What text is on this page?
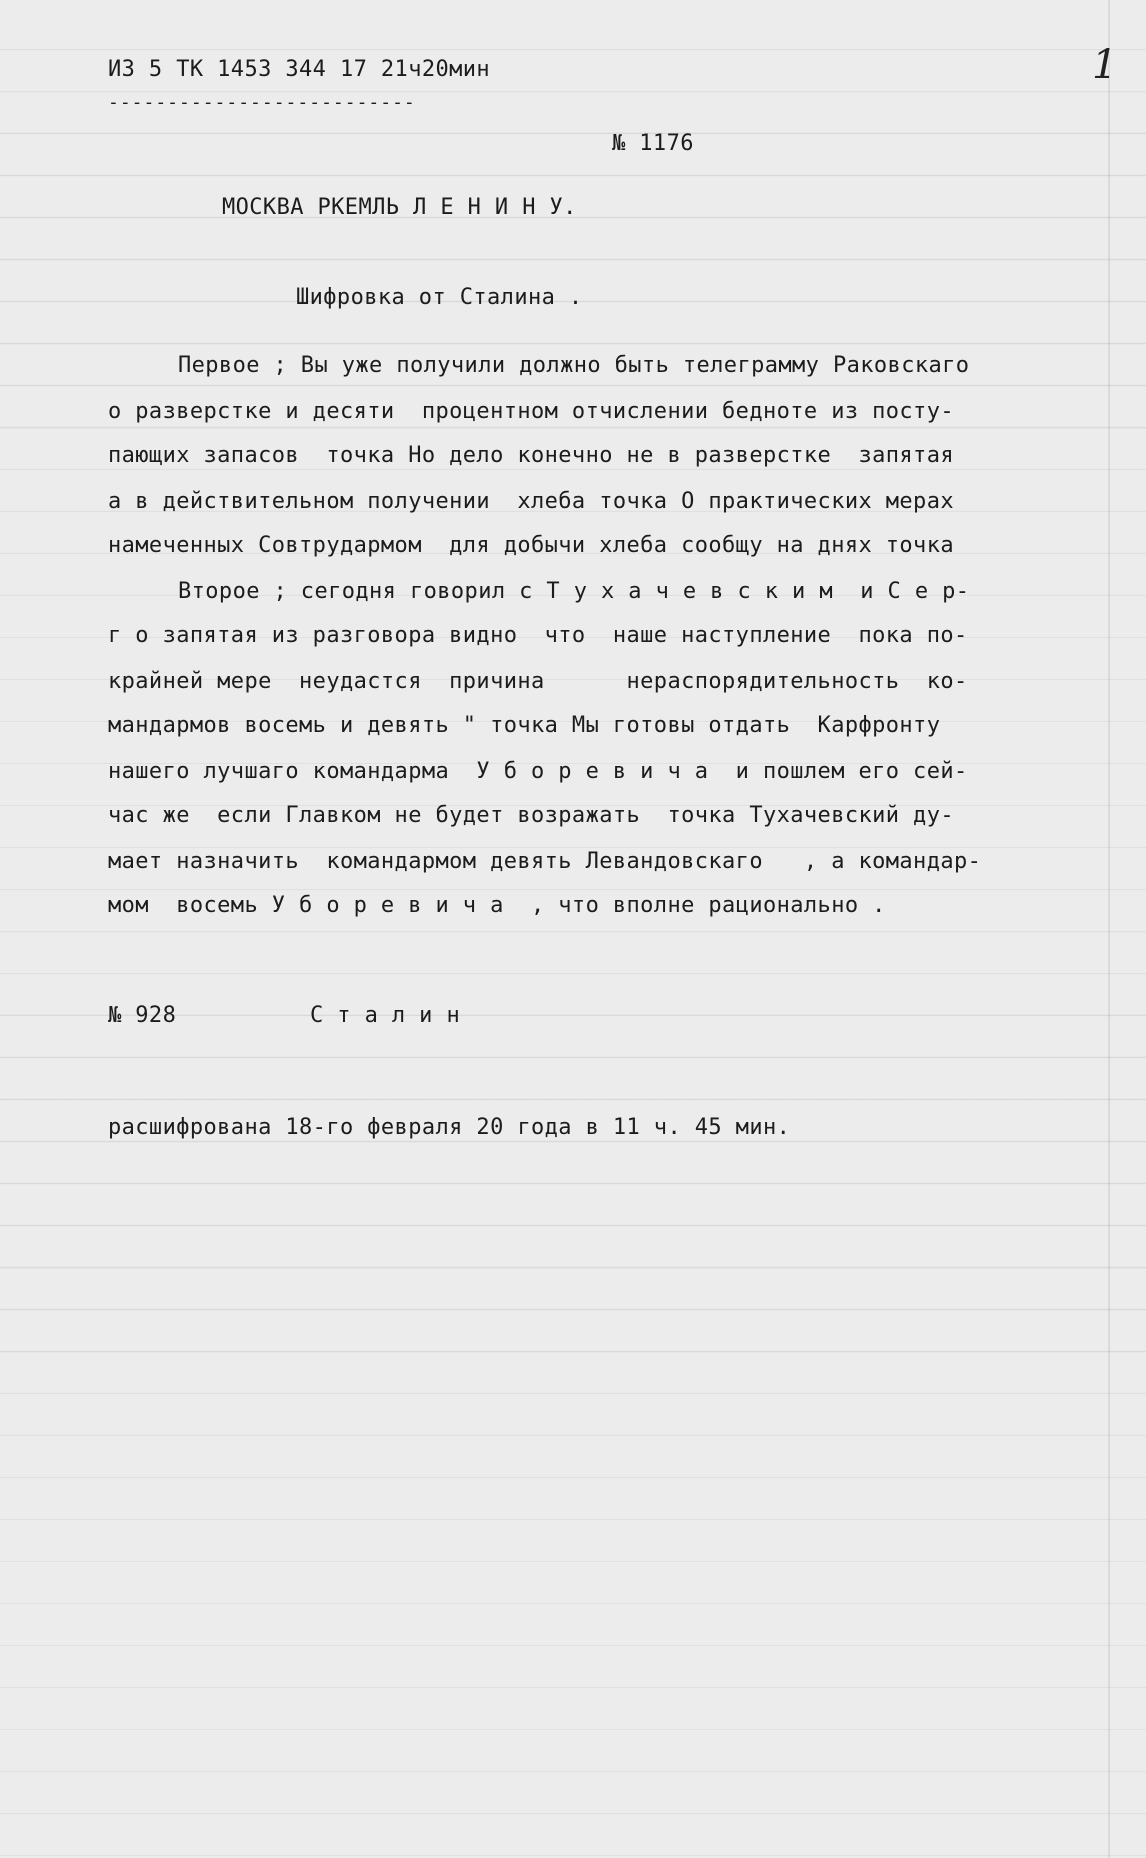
1
ИЗ 5 ТК 1453 344 17 21ч20мин
--------------------------
№ 1176
МОСКВА РКЕМЛЬ Л Е Н И Н У.
Шифровка от Сталина .
Первое ; Вы уже получили должно быть телеграмму Раковскаго
о разверстке и десяти  процентном отчислении бедноте из посту-
пающих запасов  точка Но дело конечно не в разверстке  запятая
а в действительном получении  хлеба точка О практических мерах
намеченных Совтрудармом  для добычи хлеба сообщу на днях точка
Второе ; сегодня говорил с Т у х а ч е в с к и м  и С е р-
г о запятая из разговора видно  что  наше наступление  пока по-
крайней мере  неудастся  причина      нераспорядительность  ко-
мандармов восемь и девять " точка Мы готовы отдать  Карфронту
нашего лучшаго командарма  У б о р е в и ч а  и пошлем его сей-
час же  если Главком не будет возражать  точка Тухачевский ду-
мает назначить  командармом девять Левандовскаго   , а командар-
мом  восемь У б о р е в и ч а  , что вполне рационально .
№ 928	С т а л и н
расшифрована 18-го февраля 20 года в 11 ч. 45 мин.
